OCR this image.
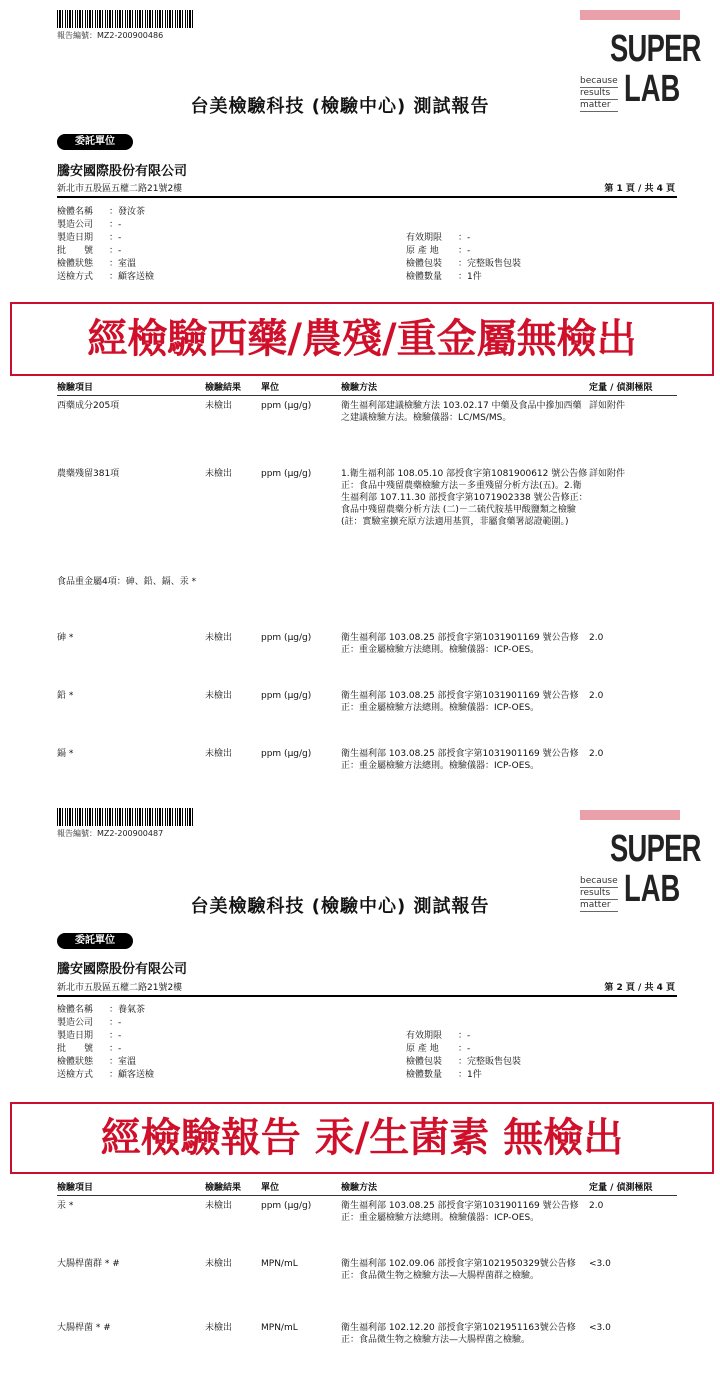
報告編號：MZ2-200900486	SUPER
LAB
because
results
matter
台美檢驗科技 (檢驗中心) 測試報告
委託單位
騰安國際股份有限公司
新北市五股區五權二路21號2樓	第 1 頁 / 共 4 頁
檢體名稱 ：發汝茶
製造公司 ：-
製造日期 ：-
批　　號 ：-
檢體狀態 ：室溫
送檢方式 ：顧客送檢
有效期限 ：-
原 產 地 ：-
檢體包裝 ：完整販售包裝
檢體數量 ：1件
經檢驗西藥/農殘/重金屬無檢出
檢驗項目	檢驗結果	單位	檢驗方法	定量 / 偵測極限
西藥成分205項	未檢出	ppm (μg/g)	衛生福利部建議檢驗方法 103.02.17 中藥及食品中摻加西藥之建議檢驗方法。檢驗儀器：LC/MS/MS。	詳如附件
農藥殘留381項	未檢出	ppm (μg/g)	1.衛生福利部 108.05.10 部授食字第1081900612 號公告修正：食品中殘留農藥檢驗方法－多重殘留分析方法(五)。2.衛生福利部 107.11.30 部授食字第1071902338 號公告修正：食品中殘留農藥分析方法 (二)－二硫代胺基甲酸鹽類之檢驗(註：實驗室擴充原方法適用基質，非屬食藥署認證範圍。)	詳如附件
食品重金屬4項：砷、鉛、鎘、汞 *
砷 *	未檢出	ppm (μg/g)	衛生福利部 103.08.25 部授食字第1031901169 號公告修正：重金屬檢驗方法總則。檢驗儀器：ICP-OES。	2.0
鉛 *	未檢出	ppm (μg/g)	衛生福利部 103.08.25 部授食字第1031901169 號公告修正：重金屬檢驗方法總則。檢驗儀器：ICP-OES。	2.0
鎘 *	未檢出	ppm (μg/g)	衛生福利部 103.08.25 部授食字第1031901169 號公告修正：重金屬檢驗方法總則。檢驗儀器：ICP-OES。	2.0
報告編號：MZ2-200900487	SUPER
LAB
because
results
matter
台美檢驗科技 (檢驗中心) 測試報告
委託單位
騰安國際股份有限公司
新北市五股區五權二路21號2樓	第 2 頁 / 共 4 頁
檢體名稱 ：養氣茶
製造公司 ：-
製造日期 ：-
批　　號 ：-
檢體狀態 ：室溫
送檢方式 ：顧客送檢
有效期限 ：-
原 產 地 ：-
檢體包裝 ：完整販售包裝
檢體數量 ：1件
經檢驗報告 汞/生菌素 無檢出
檢驗項目	檢驗結果	單位	檢驗方法	定量 / 偵測極限
汞 *	未檢出	ppm (μg/g)	衛生福利部 103.08.25 部授食字第1031901169 號公告修正：重金屬檢驗方法總則。檢驗儀器：ICP-OES。	2.0
大腸桿菌群 * #	未檢出	MPN/mL	衛生福利部 102.09.06 部授食字第1021950329號公告修正：食品微生物之檢驗方法—大腸桿菌群之檢驗。	<3.0
大腸桿菌 * #	未檢出	MPN/mL	衛生福利部 102.12.20 部授食字第1021951163號公告修正：食品微生物之檢驗方法—大腸桿菌之檢驗。	<3.0
